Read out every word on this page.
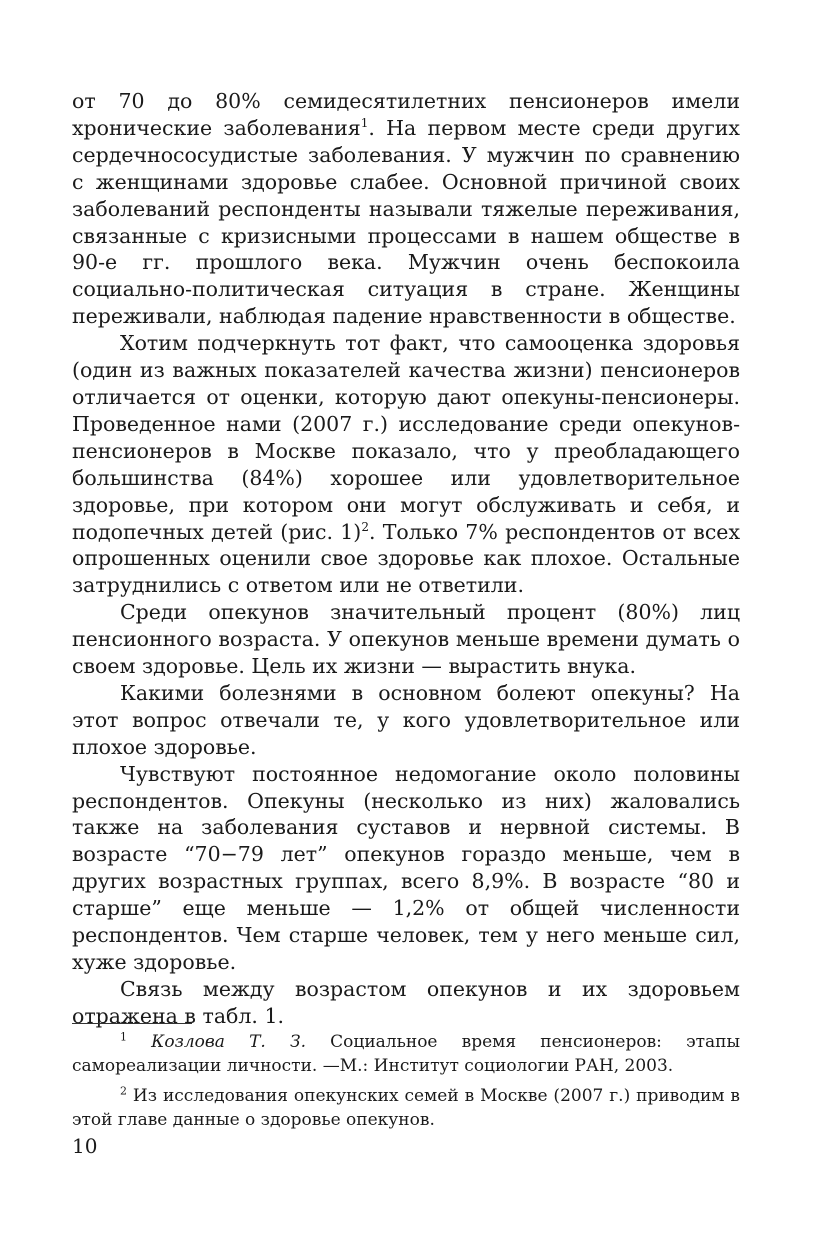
от 70 до 80% семидесятилетних пенсионеров имели хронические заболевания$^1$. На первом месте среди других сердечнососудистые заболевания. У мужчин по сравнению с женщинами здоровье слабее. Основной причиной своих заболеваний респонденты называли тяжелые переживания, связанные с кризисными процессами в нашем обществе в 90-е гг. прошлого века. Мужчин очень беспокоила социально-политическая ситуация в стране. Женщины переживали, наблюдая падение нравственности в обществе.

Хотим подчеркнуть тот факт, что самооценка здоровья (один из важных показателей качества жизни) пенсионеров отличается от оценки, которую дают опекуны-пенсионеры. Проведенное нами (2007 г.) исследование среди опекунов-пенсионеров в Москве показало, что у преобладающего большинства (84%) хорошее или удовлетворительное здоровье, при котором они могут обслуживать и себя, и подопечных детей (рис. 1)$^2$. Только 7% респондентов от всех опрошенных оценили свое здоровье как плохое. Остальные затруднились с ответом или не ответили.

Среди опекунов значительный процент (80%) лиц пенсионного возраста. У опекунов меньше времени думать о своем здоровье. Цель их жизни — вырастить внука.

Какими болезнями в основном болеют опекуны? На этот вопрос отвечали те, у кого удовлетворительное или плохое здоровье.

Чувствуют постоянное недомогание около половины респондентов. Опекуны (несколько из них) жаловались также на заболевания суставов и нервной системы. В возрасте “70−79 лет” опекунов гораздо меньше, чем в других возрастных группах, всего 8,9%. В возрасте “80 и старше” еще меньше — 1,2% от общей численности респондентов. Чем старше человек, тем у него меньше сил, хуже здоровье.

Связь между возрастом опекунов и их здоровьем отражена в табл. 1.

$^1$ Козлова Т. З. Социальное время пенсионеров: этапы самореализации личности. —М.: Институт социологии РАН, 2003.

$^2$ Из исследования опекунских семей в Москве (2007 г.) приводим в этой главе данные о здоровье опекунов.

10
